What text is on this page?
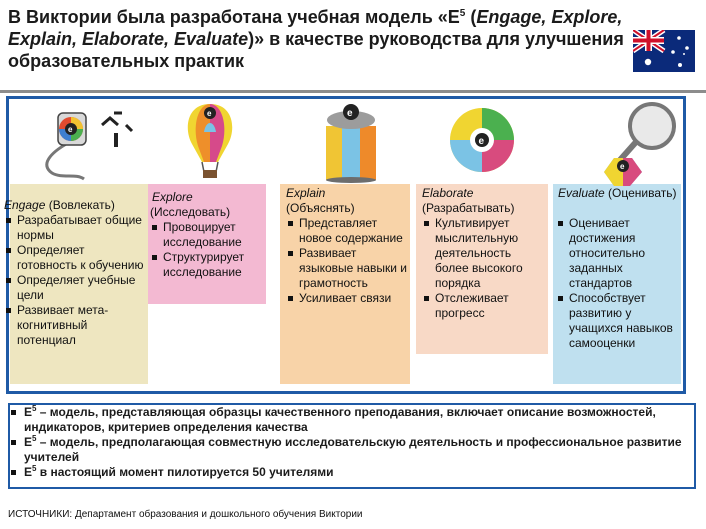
В Виктории была разработана учебная модель «$E^5$ (Engage, Explore, Explain, Elaborate, Evaluate)» в качестве руководства для улучшения образовательных практик
e
e	e
e
e
Engage (Вовлекать)
Разрабатывает общие нормы
Определяет готовность к обучению
Определяет учебные цели
Развивает мета-когнитивный потенциал
Explore
(Исследовать)
Провоцирует исследование
Структурирует исследование
Explain
(Объяснять)
Представляет новое содержание
Развивает языковые навыки и грамотность
Усиливает связи
Elaborate
(Разрабатывать)
Культивирует мыслительную деятельность более высокого порядка
Отслеживает прогресс
Evaluate (Оценивать)
Оценивает достижения относительно заданных стандартов
Способствует развитию у учащихся навыков самооценки
$E^5$ – модель, представляющая образцы качественного преподавания, включает описание возможностей, индикаторов, критериев определения качества
$E^5$ – модель, предполагающая совместную исследовательскую деятельность и профессиональное развитие учителей
$E^5$ в настоящий момент пилотируется 50 учителями
ИСТОЧНИКИ: Департамент образования и дошкольного обучения Виктории
